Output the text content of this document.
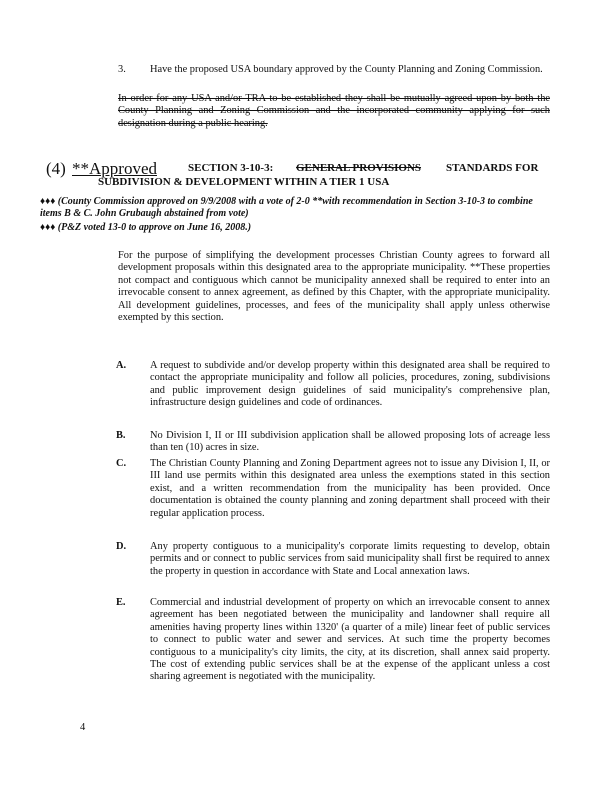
3. Have the proposed USA boundary approved by the County Planning and Zoning Commission.
In order for any USA and/or TRA to be established they shall be mutually agreed upon by both the County Planning and Zoning Commission and the incorporated community applying for such designation during a public hearing.
(4) **Approved	SECTION 3-10-3: GENERAL PROVISIONS STANDARDS FOR
SUBDIVISION & DEVELOPMENT WITHIN A TIER 1 USA
♦♦♦ (County Commission approved on 9/9/2008 with a vote of 2-0 **with recommendation in Section 3-10-3 to combine items B & C. John Grubaugh abstained from vote)
♦♦♦ (P&Z voted 13-0 to approve on June 16, 2008.)
For the purpose of simplifying the development processes Christian County agrees to forward all development proposals within this designated area to the appropriate municipality. **These properties not compact and contiguous which cannot be municipality annexed shall be required to enter into an irrevocable consent to annex agreement, as defined by this Chapter, with the appropriate municipality. All development guidelines, processes, and fees of the municipality shall apply unless otherwise exempted by this section.
A. A request to subdivide and/or develop property within this designated area shall be required to contact the appropriate municipality and follow all policies, procedures, zoning, subdivisions and public improvement design guidelines of said municipality's comprehensive plan, infrastructure design guidelines and code of ordinances.
B. No Division I, II or III subdivision application shall be allowed proposing lots of acreage less than ten (10) acres in size.
C. The Christian County Planning and Zoning Department agrees not to issue any Division I, II, or III land use permits within this designated area unless the exemptions stated in this section exist, and a written recommendation from the municipality has been provided. Once documentation is obtained the county planning and zoning department shall proceed with their regular application process.
D. Any property contiguous to a municipality's corporate limits requesting to develop, obtain permits and or connect to public services from said municipality shall first be required to annex the property in question in accordance with State and Local annexation laws.
E. Commercial and industrial development of property on which an irrevocable consent to annex agreement has been negotiated between the municipality and landowner shall require all amenities having property lines within 1320' (a quarter of a mile) linear feet of public services to connect to public water and sewer and services. At such time the property becomes contiguous to a municipality's city limits, the city, at its discretion, shall annex said property. The cost of extending public services shall be at the expense of the applicant unless a cost sharing agreement is negotiated with the municipality.
4
